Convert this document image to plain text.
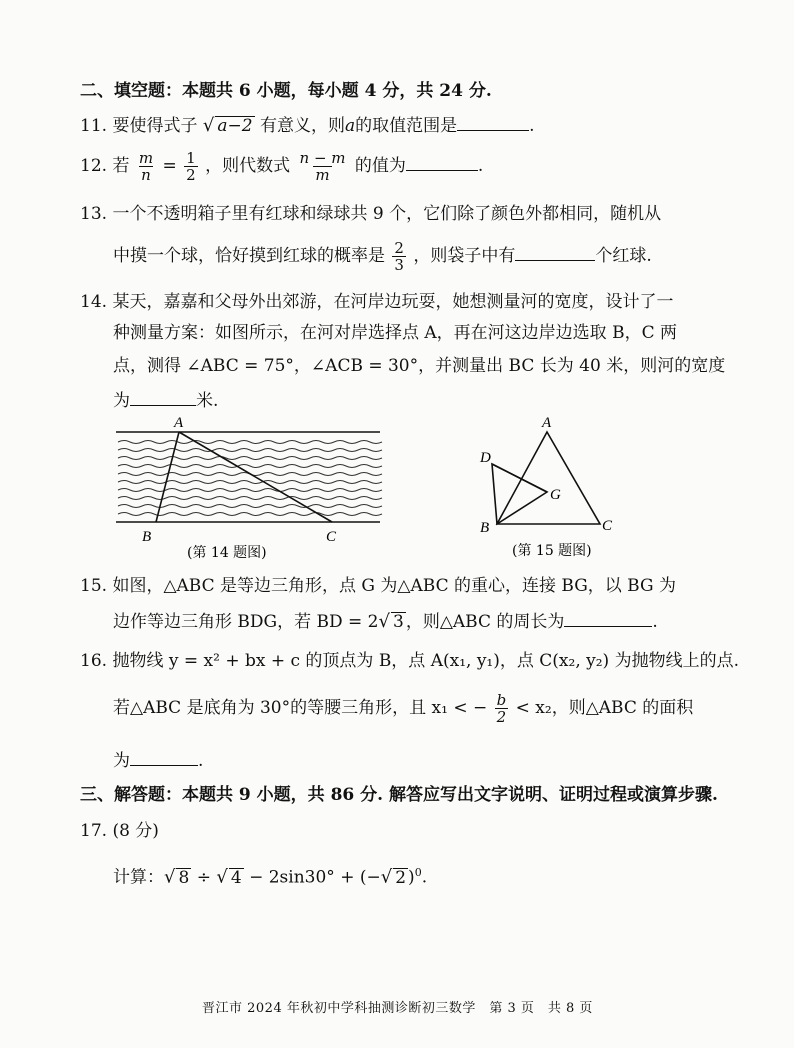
二、填空题：本题共 6 小题，每小题 4 分，共 24 分.
11. 要使得式子 √ a−2 有意义，则a的取值范围是	.
12. 若 $\frac{m}{n} = \frac{1}{2}$ ，则代数式 $\frac{n - m}{m}$ 的值为	.
13. 一个不透明箱子里有红球和绿球共 9 个，它们除了颜色外都相同，随机从
中摸一个球，恰好摸到红球的概率是 $\frac{2}{3}$ ，则袋子中有	个红球.
14. 某天，嘉嘉和父母外出郊游，在河岸边玩耍，她想测量河的宽度，设计了一
种测量方案：如图所示，在河对岸选择点 A，再在河这边岸边选取 B，C 两
点，测得 ∠ABC = 75°，∠ACB = 30°，并测量出 BC 长为 40 米，则河的宽度
为	米.
A
B	C
(第 14 题图)
A
D
G
B	C
(第 15 题图)
15. 如图，△ABC 是等边三角形，点 G 为△ABC 的重心，连接 BG，以 BG 为
边作等边三角形 BDG，若 BD = 2√ 3 ，则△ABC 的周长为	.
16. 抛物线 y = x² + bx + c 的顶点为 B，点 A(x₁, y₁)，点 C(x₂, y₂) 为抛物线上的点.
若△ABC 是底角为 30°的等腰三角形，且 x₁ < − $\frac{b}{2} < x_2$，则△ABC 的面积
为	.
三、解答题：本题共 9 小题，共 86 分. 解答应写出文字说明、证明过程或演算步骤.
17. (8 分)
计算：√ 8 ÷ √ 4 − 2sin30° + (−√ 2 )$^0$.
晋江市 2024 年秋初中学科抽测诊断初三数学　第 3 页　共 8 页
